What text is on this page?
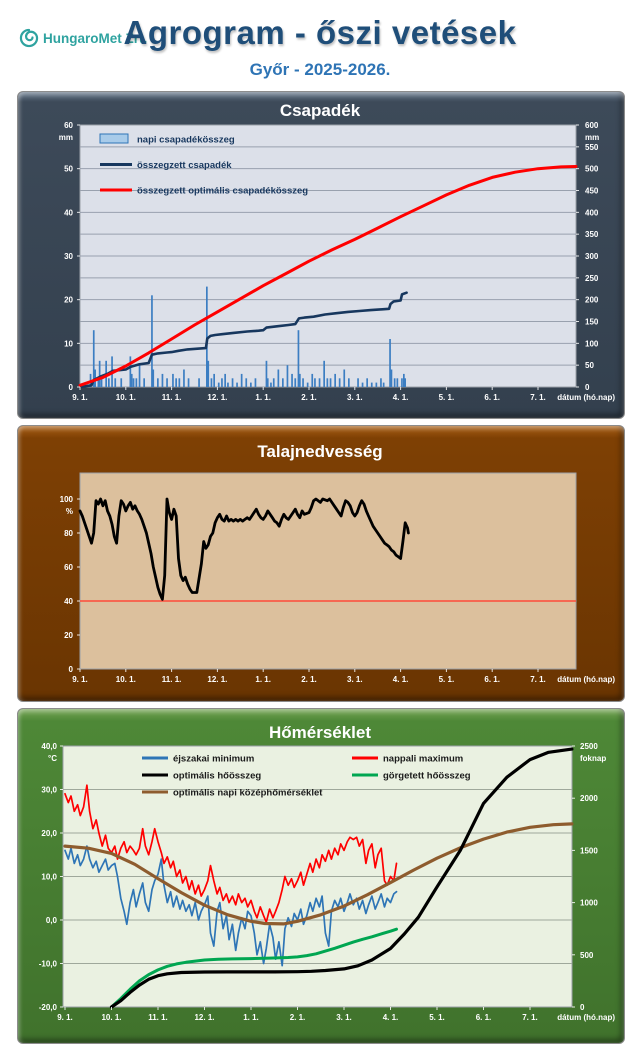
HungaroMet Zrt.
Agrogram - őszi vetések
Győr - 2025-2026.
Csapadék
60
mm
50
40
30
20
10
0
600
mm
550
500
450
400
350
300
250
200
150
100
50
0
9. 1.	10. 1.	11. 1.	12. 1.	1. 1.	2. 1.	3. 1.	4. 1.	5. 1.	6. 1.	7. 1. dátum (hó.nap)
napi csapadékösszeg
összegzett csapadék
összegzett optimális csapadékösszeg
Talajnedvesség
100
%
80
60
40
20
0
9. 1.	10. 1.	11. 1.	12. 1.	1. 1.	2. 1.	3. 1.	4. 1.	5. 1.	6. 1.	7. 1. dátum (hó.nap)
Hőmérséklet
40,0
°C
30,0
20,0
10,0
0,0
-10,0
-20,0
2500
foknap
2000
1500
1000
500
0
9. 1.	10. 1.	11. 1.	12. 1.	1. 1.	2. 1.	3. 1.	4. 1.	5. 1.	6. 1.	7. 1. dátum (hó.nap)
éjszakai minimum	nappali maximum
optimális hőösszeg	görgetett hőösszeg
optimális napi középhőmérséklet
